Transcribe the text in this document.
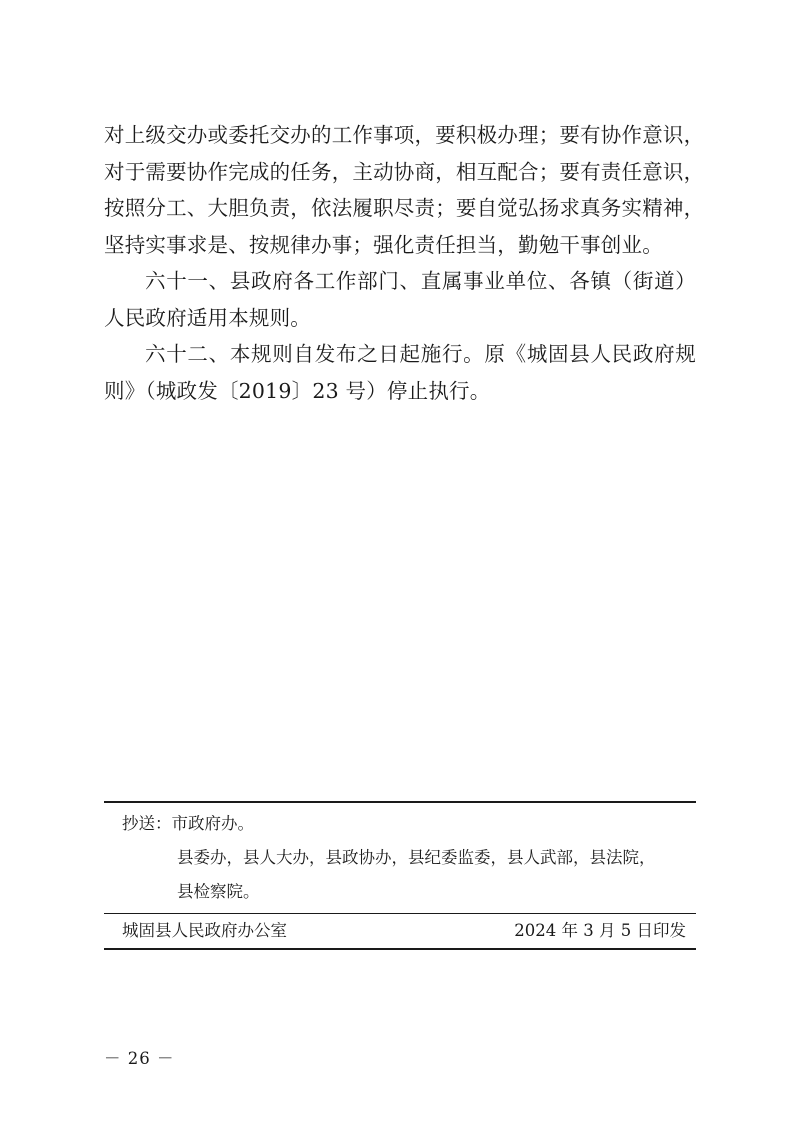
对上级交办或委托交办的工作事项，要积极办理；要有协作意识，
对于需要协作完成的任务，主动协商，相互配合；要有责任意识，
按照分工、大胆负责，依法履职尽责；要自觉弘扬求真务实精神，
坚持实事求是、按规律办事；强化责任担当，勤勉干事创业。
六十一、县政府各工作部门、直属事业单位、各镇（街道）
人民政府适用本规则。
六十二、本规则自发布之日起施行。原《城固县人民政府规
则》（城政发〔2019〕23 号）停止执行。
抄送：市政府办。
县委办，县人大办，县政协办，县纪委监委，县人武部，县法院，
县检察院。
城固县人民政府办公室	2024 年 3 月 5 日印发
－ 26 －
